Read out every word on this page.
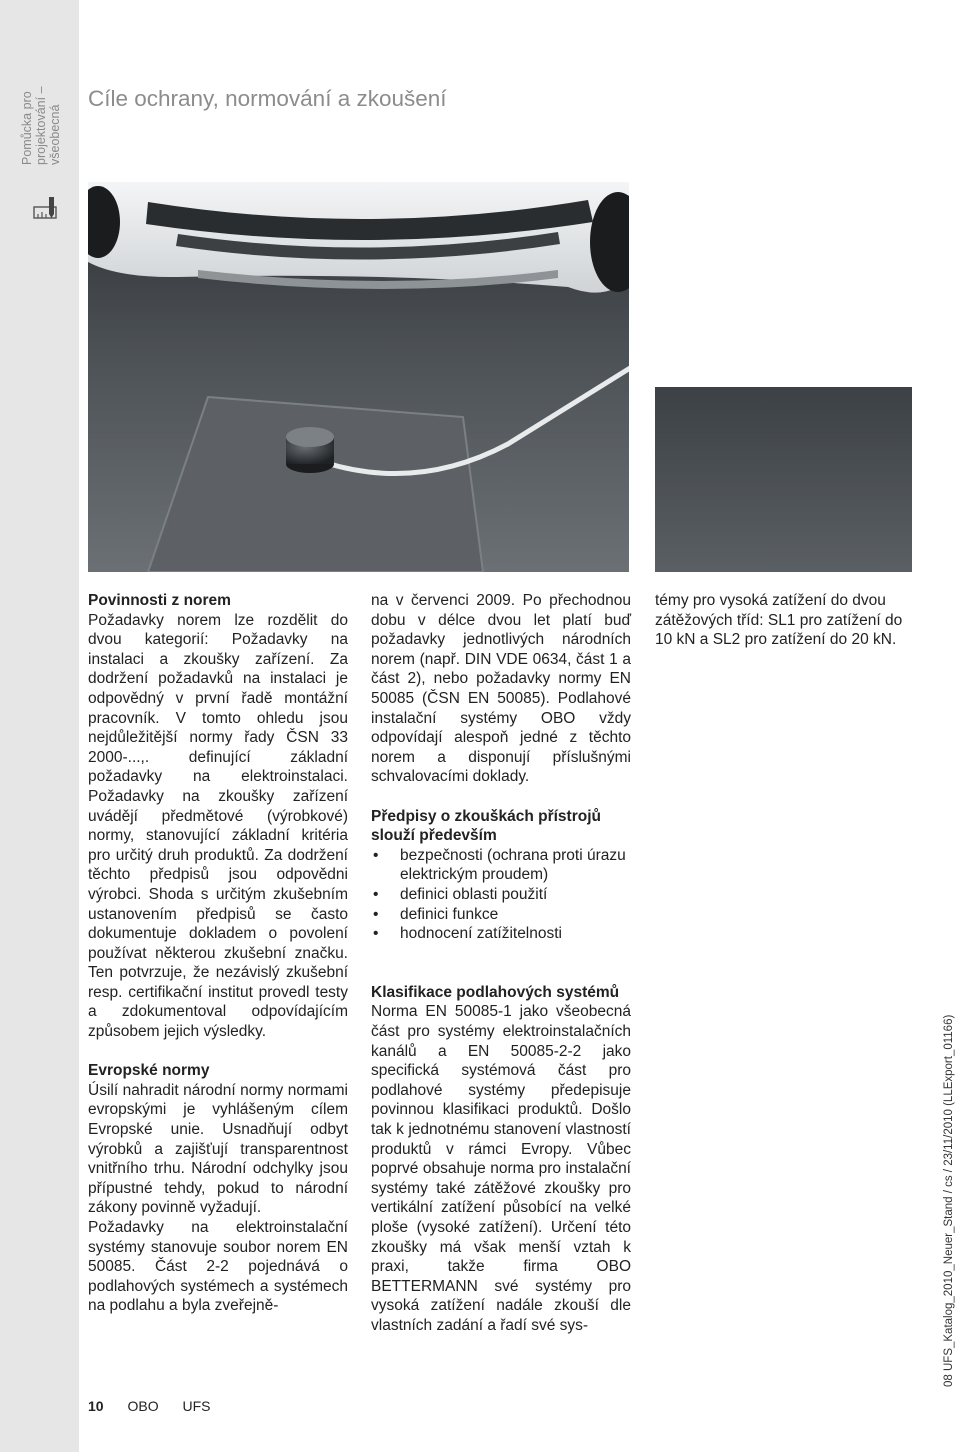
Pomůcka pro projektování – všeobecná
Cíle ochrany, normování a zkoušení
Povinnosti z norem

Požadavky norem lze rozdělit do dvou kategorií: Požadavky na instalaci a zkoušky zařízení. Za dodržení požadavků na instalaci je odpovědný v první řadě montážní pracovník. V tomto ohledu jsou nejdůležitější normy řady ČSN 33 2000-...,. definující základní požadavky na elektroinstalaci. Požadavky na zkoušky zařízení uvádějí předmětové (výrobkové) normy, stanovující základní kritéria pro určitý druh produktů. Za dodržení těchto předpisů jsou odpovědni výrobci. Shoda s určitým zkušebním ustanovením předpisů se často dokumentuje dokladem o povolení používat některou zkušební značku. Ten potvrzuje, že nezávislý zkušební resp. certifikační institut provedl testy a zdokumentoval odpovídajícím způsobem jejich výsledky.

Evropské normy

Úsilí nahradit národní normy normami evropskými je vyhlášeným cílem Evropské unie. Usnadňují odbyt výrobků a zajišťují transparentnost vnitřního trhu. Národní odchylky jsou přípustné tehdy, pokud to národní zákony povinně vyžadují.

Požadavky na elektroinstalační systémy stanovuje soubor norem EN 50085. Část 2-2 pojednává o podlahových systémech a systémech na podlahu a byla zveřejně-

na v červenci 2009. Po přechodnou dobu v délce dvou let platí buď požadavky jednotlivých národních norem (např. DIN VDE 0634, část 1 a část 2), nebo požadavky normy EN 50085 (ČSN EN 50085). Podlahové instalační systémy OBO vždy odpovídají alespoň jedné z těchto norem a disponují příslušnými schvalovacími doklady.

Předpisy o zkouškách přístrojů
slouží především
• bezpečnosti (ochrana proti úrazu elektrickým proudem)
• definici oblasti použití
• definici funkce
• hodnocení zatížitelnosti
Klasifikace podlahových systémů

Norma EN 50085-1 jako všeobecná část pro systémy elektroinstalačních kanálů a EN 50085-2-2 jako specifická systémová část pro podlahové systémy předepisuje povinnou klasifikaci produktů. Došlo tak k jednotnému stanovení vlastností produktů v rámci Evropy. Vůbec poprvé obsahuje norma pro instalační systémy také zátěžové zkoušky pro vertikální zatížení působící na velké ploše (vysoké zatížení). Určení této zkoušky má však menší vztah k praxi, takže firma OBO BETTERMANN své systémy pro vysoká zatížení nadále zkouší dle vlastních zadání a řadí své sys-

témy pro vysoká zatížení do dvou zátěžových tříd: SL1 pro zatížení do 10 kN a SL2 pro zatížení do 20 kN.

08 UFS_Katalog_2010_Neuer_Stand / cs / 23/11/2010 (LLExport_01166)
10 OBO UFS
